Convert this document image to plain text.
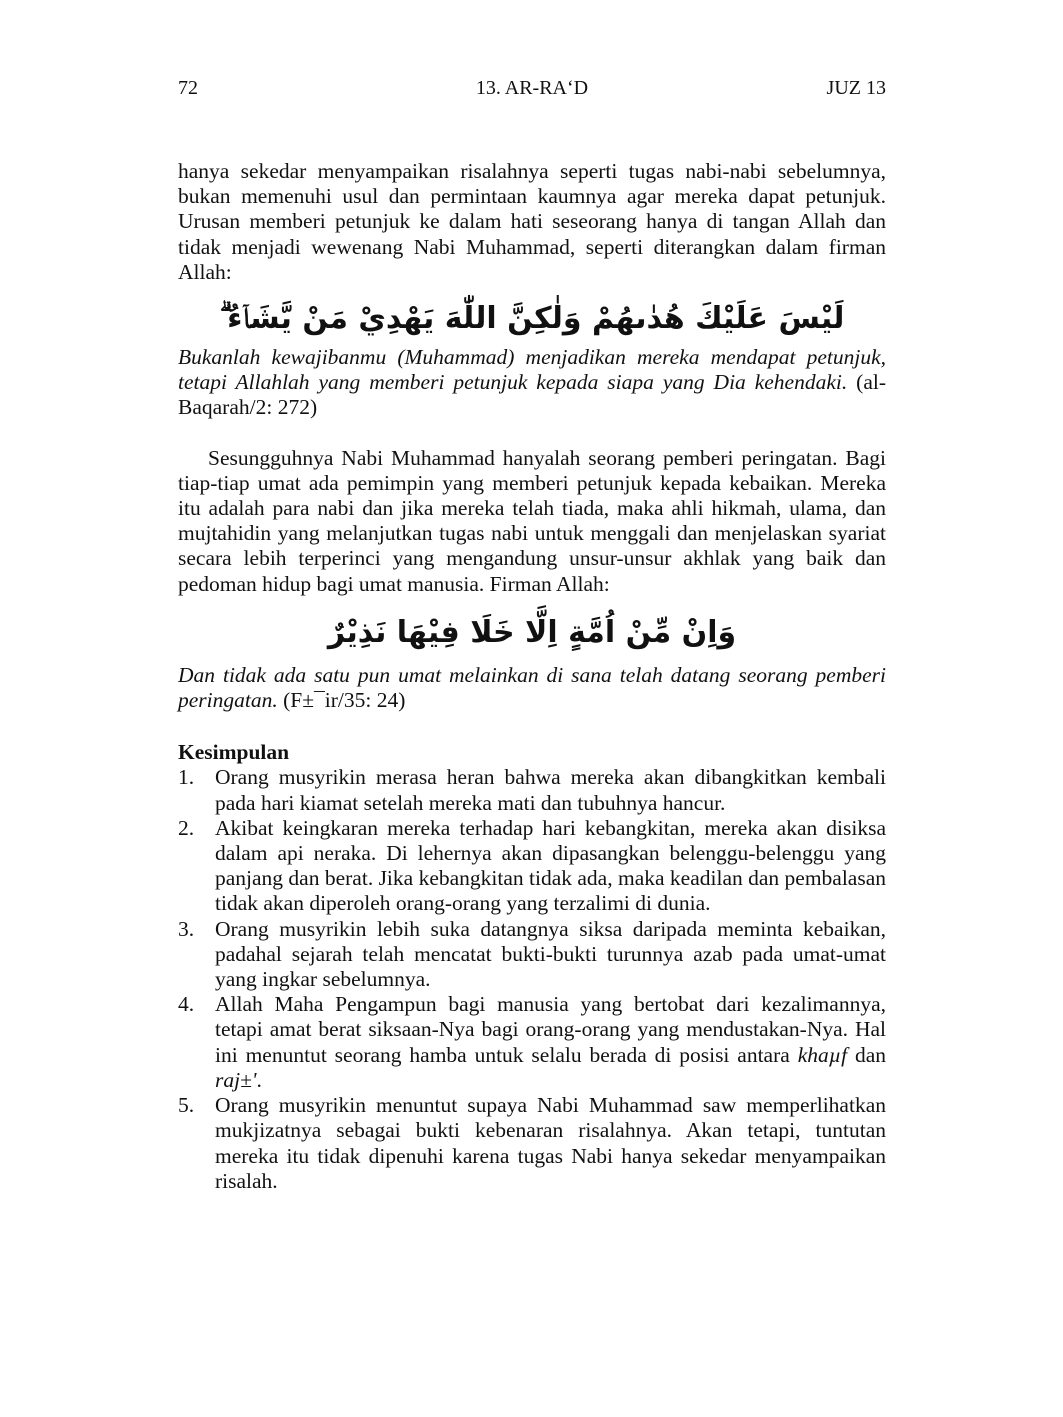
72	13. AR-RA‘D	JUZ 13

hanya sekedar menyampaikan risalahnya seperti tugas nabi-nabi sebelumnya, bukan memenuhi usul dan permintaan kaumnya agar mereka dapat petunjuk. Urusan memberi petunjuk ke dalam hati seseorang hanya di tangan Allah dan tidak menjadi wewenang Nabi Muhammad, seperti diterangkan dalam firman Allah:

لَيْسَ عَلَيْكَ هُدٰىهُمْ وَلٰكِنَّ اللّٰهَ يَهْدِيْ مَنْ يَّشَاۤءُ ۗ

Bukanlah kewajibanmu (Muhammad) menjadikan mereka mendapat petunjuk, tetapi Allahlah yang memberi petunjuk kepada siapa yang Dia kehendaki. (al-Baqarah/2: 272)

Sesungguhnya Nabi Muhammad hanyalah seorang pemberi peringatan. Bagi tiap-tiap umat ada pemimpin yang memberi petunjuk kepada kebaikan. Mereka itu adalah para nabi dan jika mereka telah tiada, maka ahli hikmah, ulama, dan mujtahidin yang melanjutkan tugas nabi untuk menggali dan menjelaskan syariat secara lebih terperinci yang mengandung unsur-unsur akhlak yang baik dan pedoman hidup bagi umat manusia. Firman Allah:

وَاِنْ مِّنْ اُمَّةٍ اِلَّا خَلَا فِيْهَا نَذِيْرٌ

Dan tidak ada satu pun umat melainkan di sana telah datang seorang pemberi peringatan. (F±¯ir/35: 24)

Kesimpulan
1. Orang musyrikin merasa heran bahwa mereka akan dibangkitkan kembali pada hari kiamat setelah mereka mati dan tubuhnya hancur.
2. Akibat keingkaran mereka terhadap hari kebangkitan, mereka akan disiksa dalam api neraka. Di lehernya akan dipasangkan belenggu-belenggu yang panjang dan berat. Jika kebangkitan tidak ada, maka keadilan dan pembalasan tidak akan diperoleh orang-orang yang terzalimi di dunia.
3. Orang musyrikin lebih suka datangnya siksa daripada meminta kebaikan, padahal sejarah telah mencatat bukti-bukti turunnya azab pada umat-umat yang ingkar sebelumnya.
4. Allah Maha Pengampun bagi manusia yang bertobat dari kezalimannya, tetapi amat berat siksaan-Nya bagi orang-orang yang mendustakan-Nya. Hal ini menuntut seorang hamba untuk selalu berada di posisi antara khaµf dan raj±'.
5. Orang musyrikin menuntut supaya Nabi Muhammad saw memperlihatkan mukjizatnya sebagai bukti kebenaran risalahnya. Akan tetapi, tuntutan mereka itu tidak dipenuhi karena tugas Nabi hanya sekedar menyampaikan risalah.
